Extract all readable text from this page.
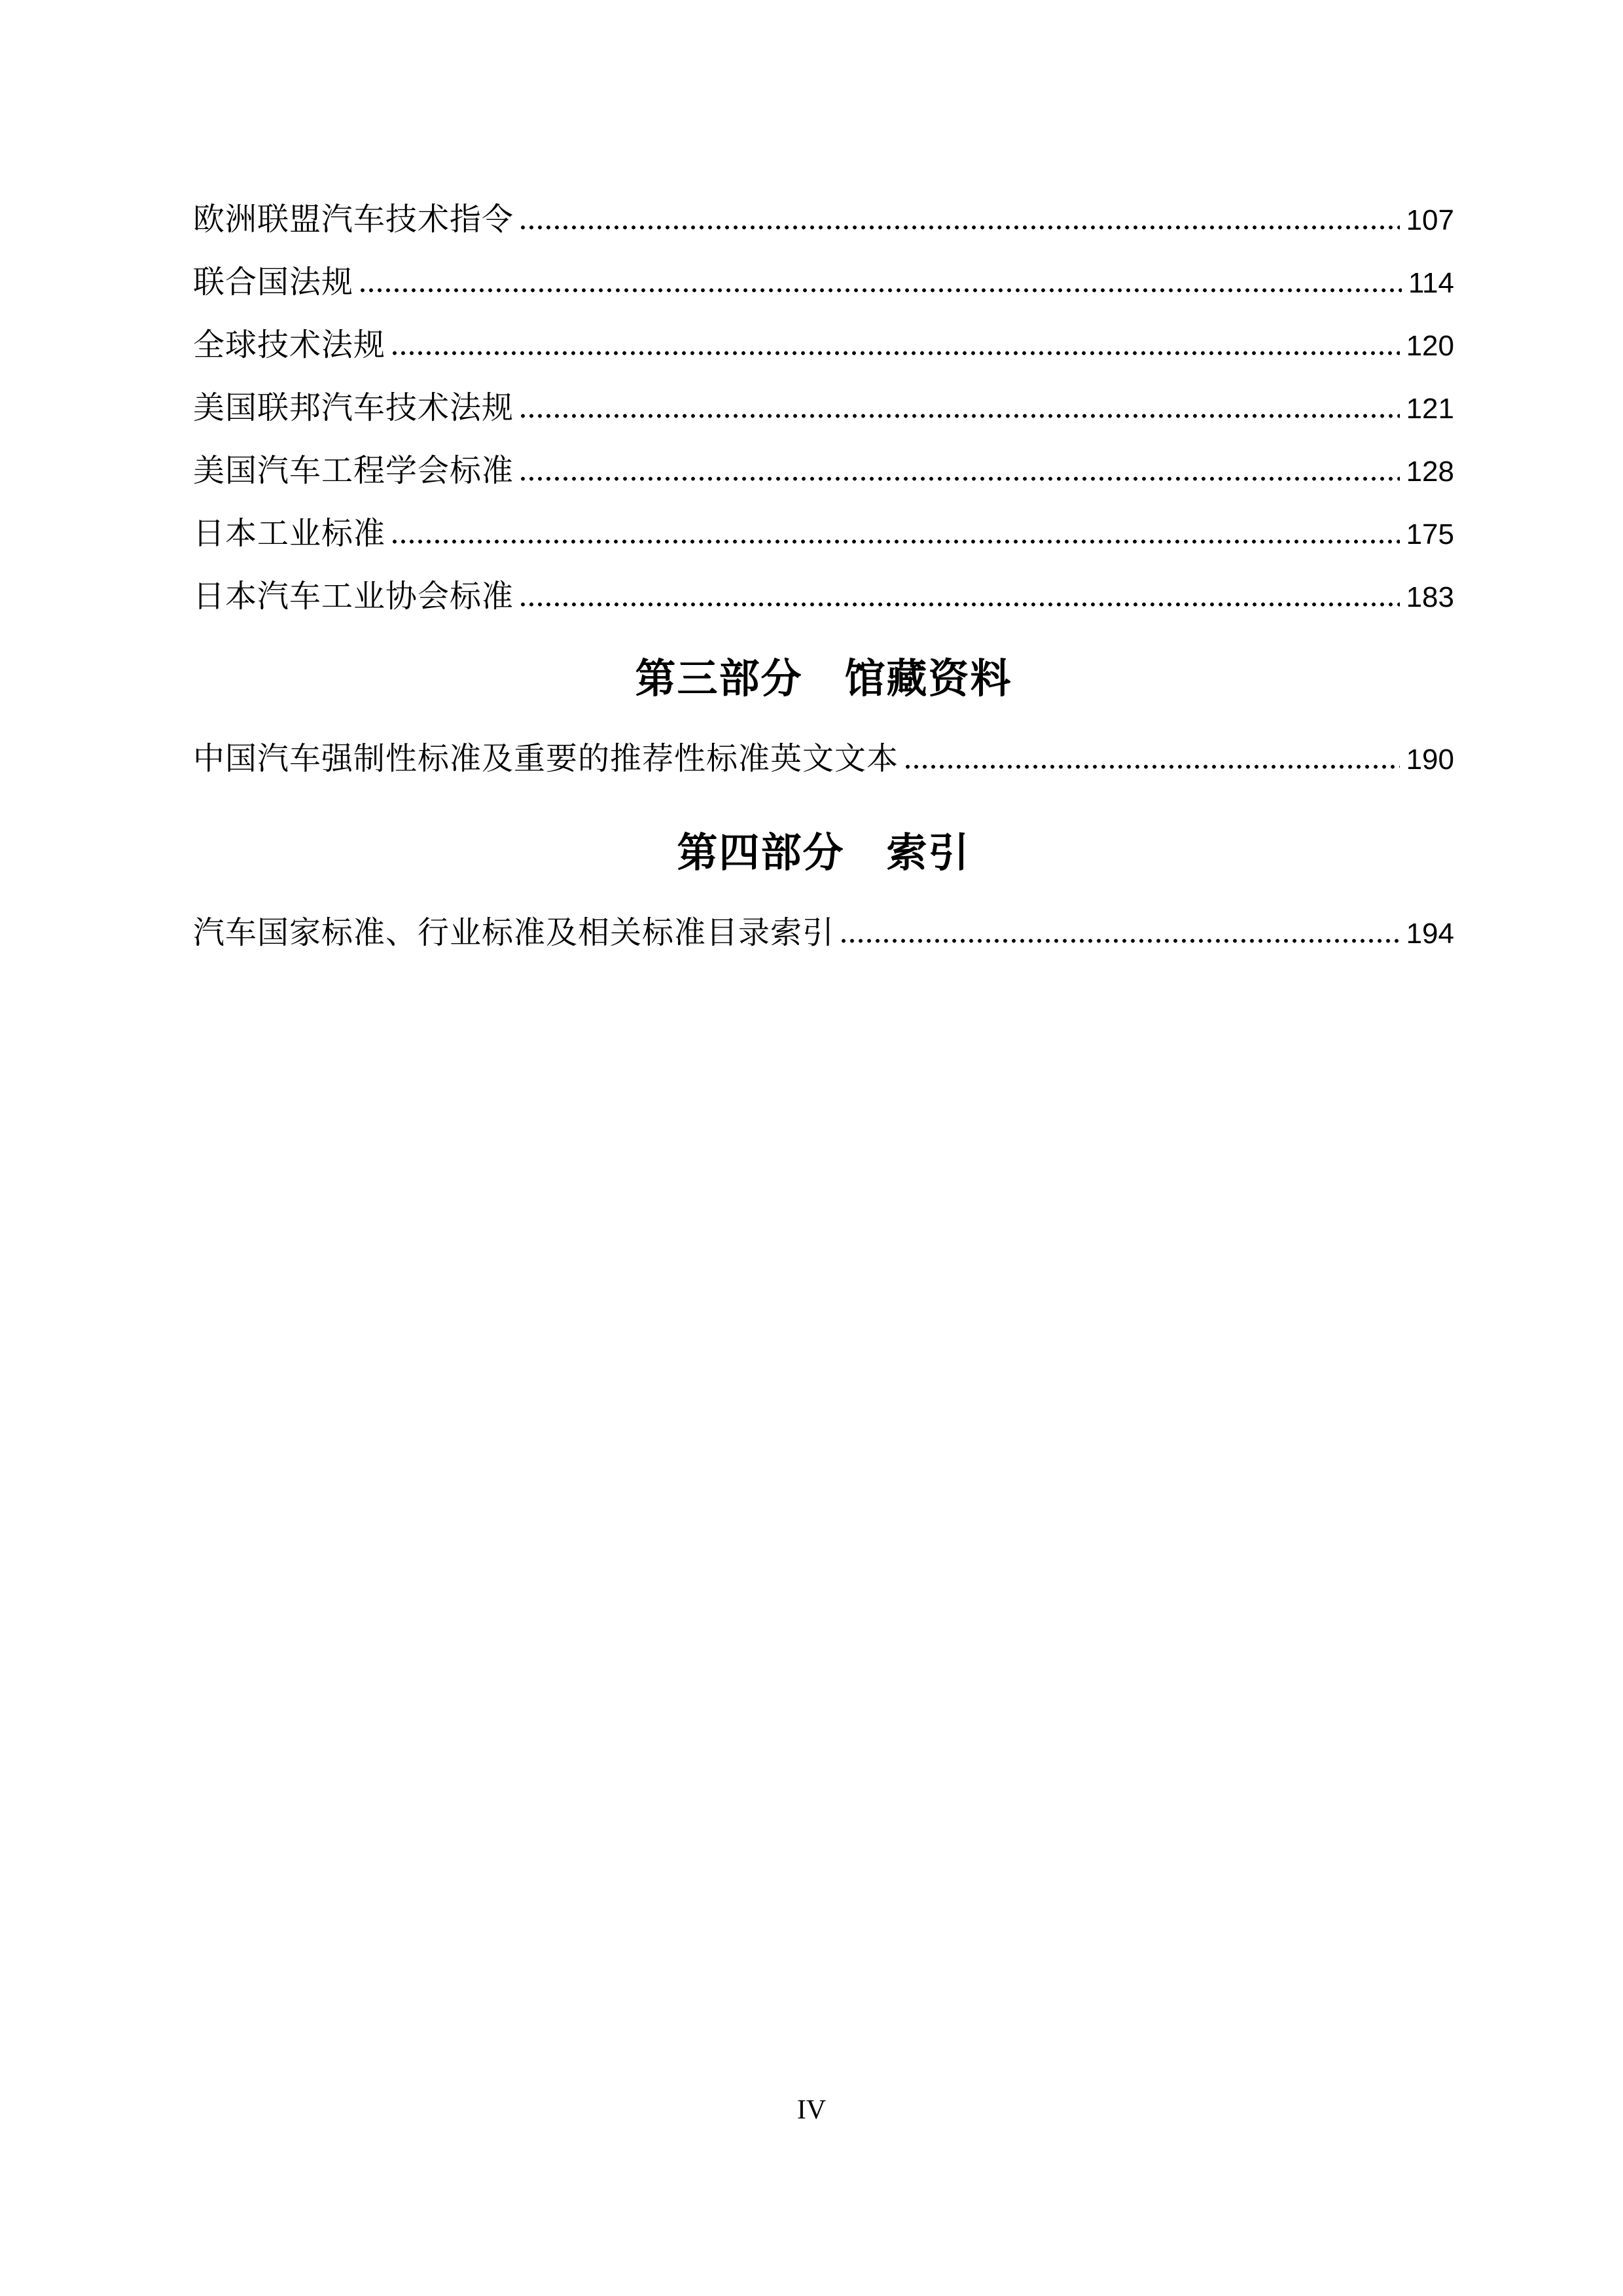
欧洲联盟汽车技术指令	107
联合国法规	114
全球技术法规	120
美国联邦汽车技术法规	121
美国汽车工程学会标准	128
日本工业标准	175
日本汽车工业协会标准	183
第三部分　馆藏资料
中国汽车强制性标准及重要的推荐性标准英文文本	190
第四部分　索引
汽车国家标准、行业标准及相关标准目录索引	194
IV
